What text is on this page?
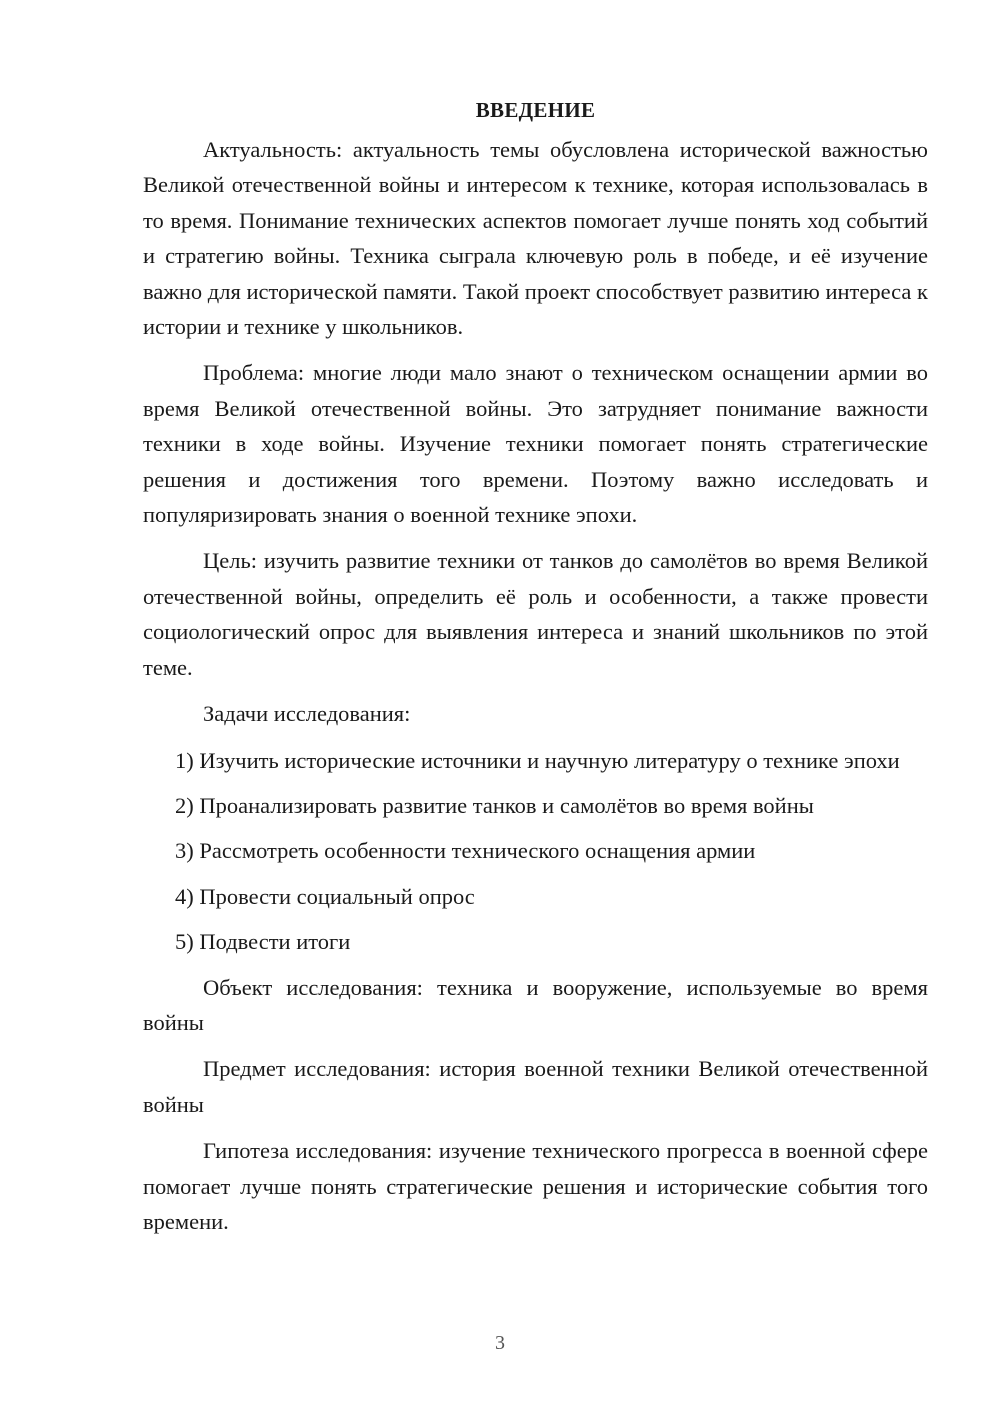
ВВЕДЕНИЕ

Актуальность: актуальность темы обусловлена исторической важностью Великой отечественной войны и интересом к технике, которая использовалась в то время. Понимание технических аспектов помогает лучше понять ход событий и стратегию войны. Техника сыграла ключевую роль в победе, и её изучение важно для исторической памяти. Такой проект способствует развитию интереса к истории и технике у школьников.

Проблема: многие люди мало знают о техническом оснащении армии во время Великой отечественной войны. Это затрудняет понимание важности техники в ходе войны. Изучение техники помогает понять стратегические решения и достижения того времени. Поэтому важно исследовать и популяризировать знания о военной технике эпохи.

Цель: изучить развитие техники от танков до самолётов во время Великой отечественной войны, определить её роль и особенности, а также провести социологический опрос для выявления интереса и знаний школьников по этой теме.

Задачи исследования:

1) Изучить исторические источники и научную литературу о технике эпохи

2) Проанализировать развитие танков и самолётов во время войны

3) Рассмотреть особенности технического оснащения армии

4) Провести социальный опрос

5) Подвести итоги

Объект исследования: техника и вооружение, используемые во время войны

Предмет исследования: история военной техники Великой отечественной войны

Гипотеза исследования: изучение технического прогресса в военной сфере помогает лучше понять стратегические решения и исторические события того времени.

3
